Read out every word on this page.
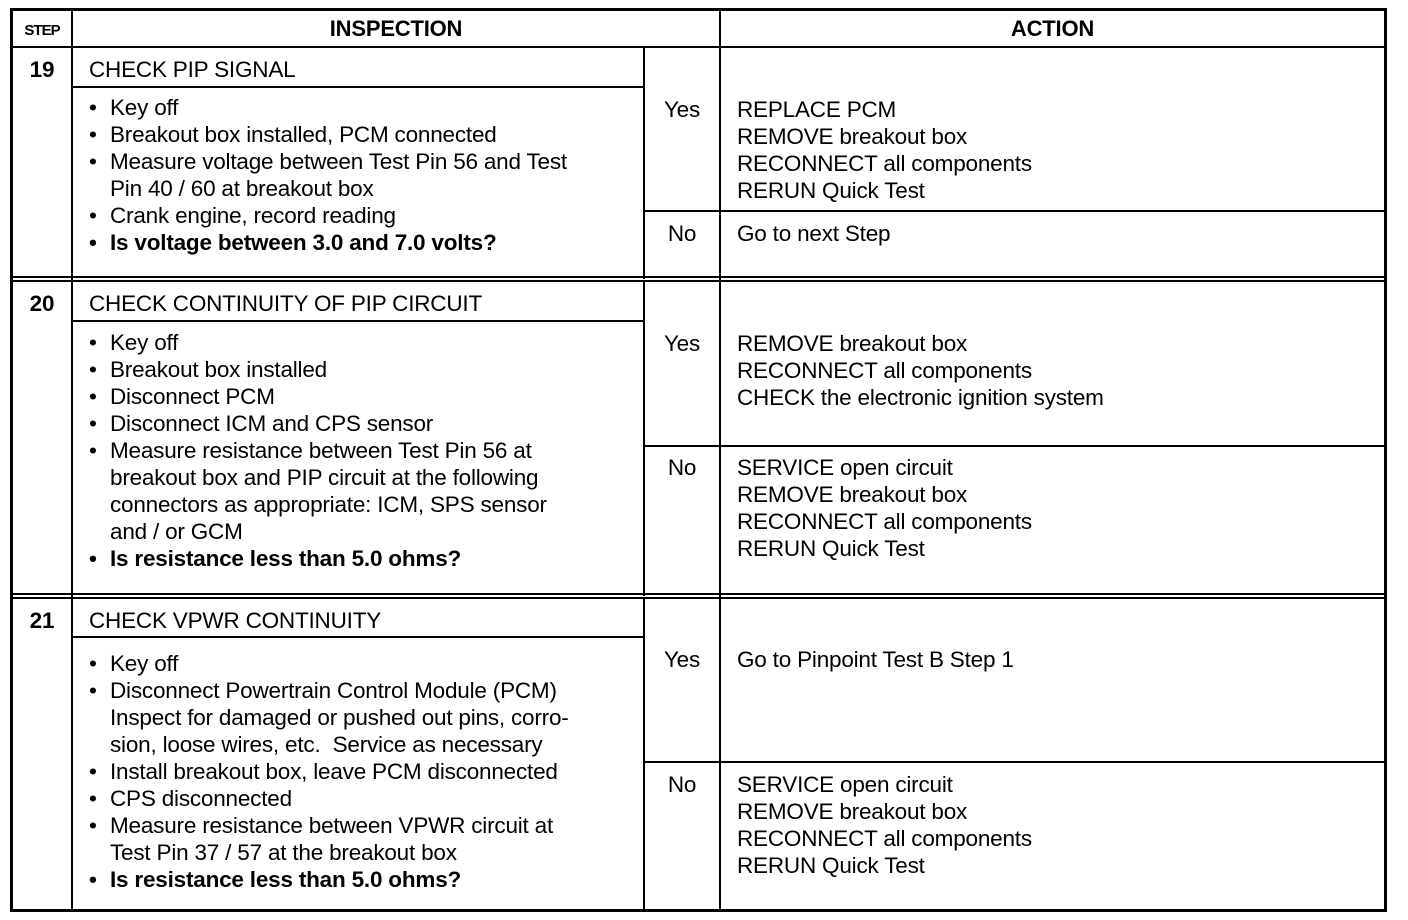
STEP	INSPECTION	ACTION
19	CHECK PIP SIGNAL
• Key off
• Breakout box installed, PCM connected
• Measure voltage between Test Pin 56 and Test
Pin 40 / 60 at breakout box
• Crank engine, record reading
• Is voltage between 3.0 and 7.0 volts?
Yes	REPLACE PCM
REMOVE breakout box
RECONNECT all components
RERUN Quick Test
No	Go to next Step
20	CHECK CONTINUITY OF PIP CIRCUIT
• Key off
• Breakout box installed
• Disconnect PCM
• Disconnect ICM and CPS sensor
• Measure resistance between Test Pin 56 at
breakout box and PIP circuit at the following
connectors as appropriate: ICM, SPS sensor
and / or GCM
• Is resistance less than 5.0 ohms?
Yes	REMOVE breakout box
RECONNECT all components
CHECK the electronic ignition system
No	SERVICE open circuit
REMOVE breakout box
RECONNECT all components
RERUN Quick Test
21	CHECK VPWR CONTINUITY
• Key off
• Disconnect Powertrain Control Module (PCM)
Inspect for damaged or pushed out pins, corro-
sion, loose wires, etc.  Service as necessary
• Install breakout box, leave PCM disconnected
• CPS disconnected
• Measure resistance between VPWR circuit at
Test Pin 37 / 57 at the breakout box
• Is resistance less than 5.0 ohms?
Yes	Go to Pinpoint Test B Step 1
No	SERVICE open circuit
REMOVE breakout box
RECONNECT all components
RERUN Quick Test
